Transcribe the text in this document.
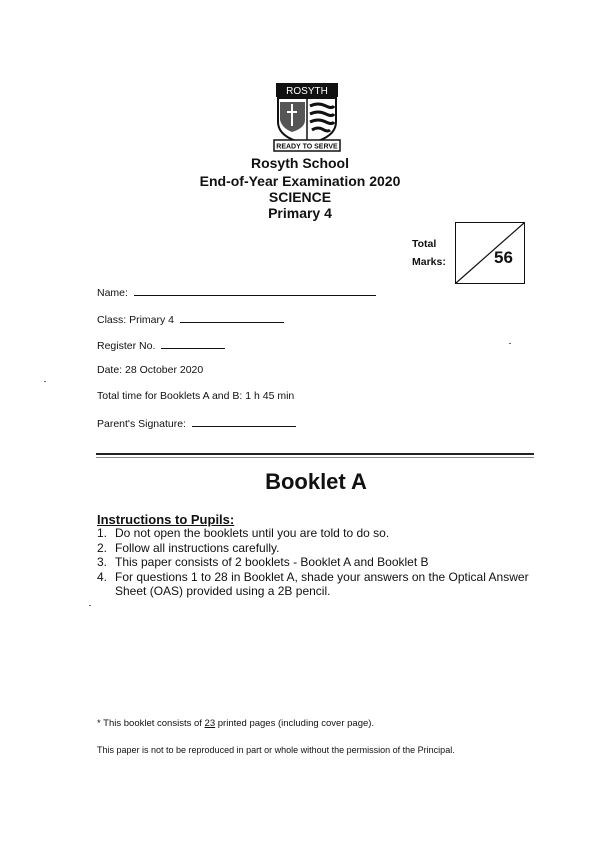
ROSYTH
READY TO SERVE
Rosyth School
End-of-Year Examination 2020
SCIENCE
Primary 4
Total
Marks:	56
Name:
Class: Primary 4
Register No.
Date: 28 October 2020
Total time for Booklets A and B: 1 h 45 min
Parent's Signature:
Booklet A
Instructions to Pupils:
1. Do not open the booklets until you are told to do so.
2. Follow all instructions carefully.
3. This paper consists of 2 booklets - Booklet A and Booklet B
4. For questions 1 to 28 in Booklet A, shade your answers on the Optical Answer Sheet (OAS) provided using a 2B pencil.
* This booklet consists of 23 printed pages (including cover page).
This paper is not to be reproduced in part or whole without the permission of the Principal.
